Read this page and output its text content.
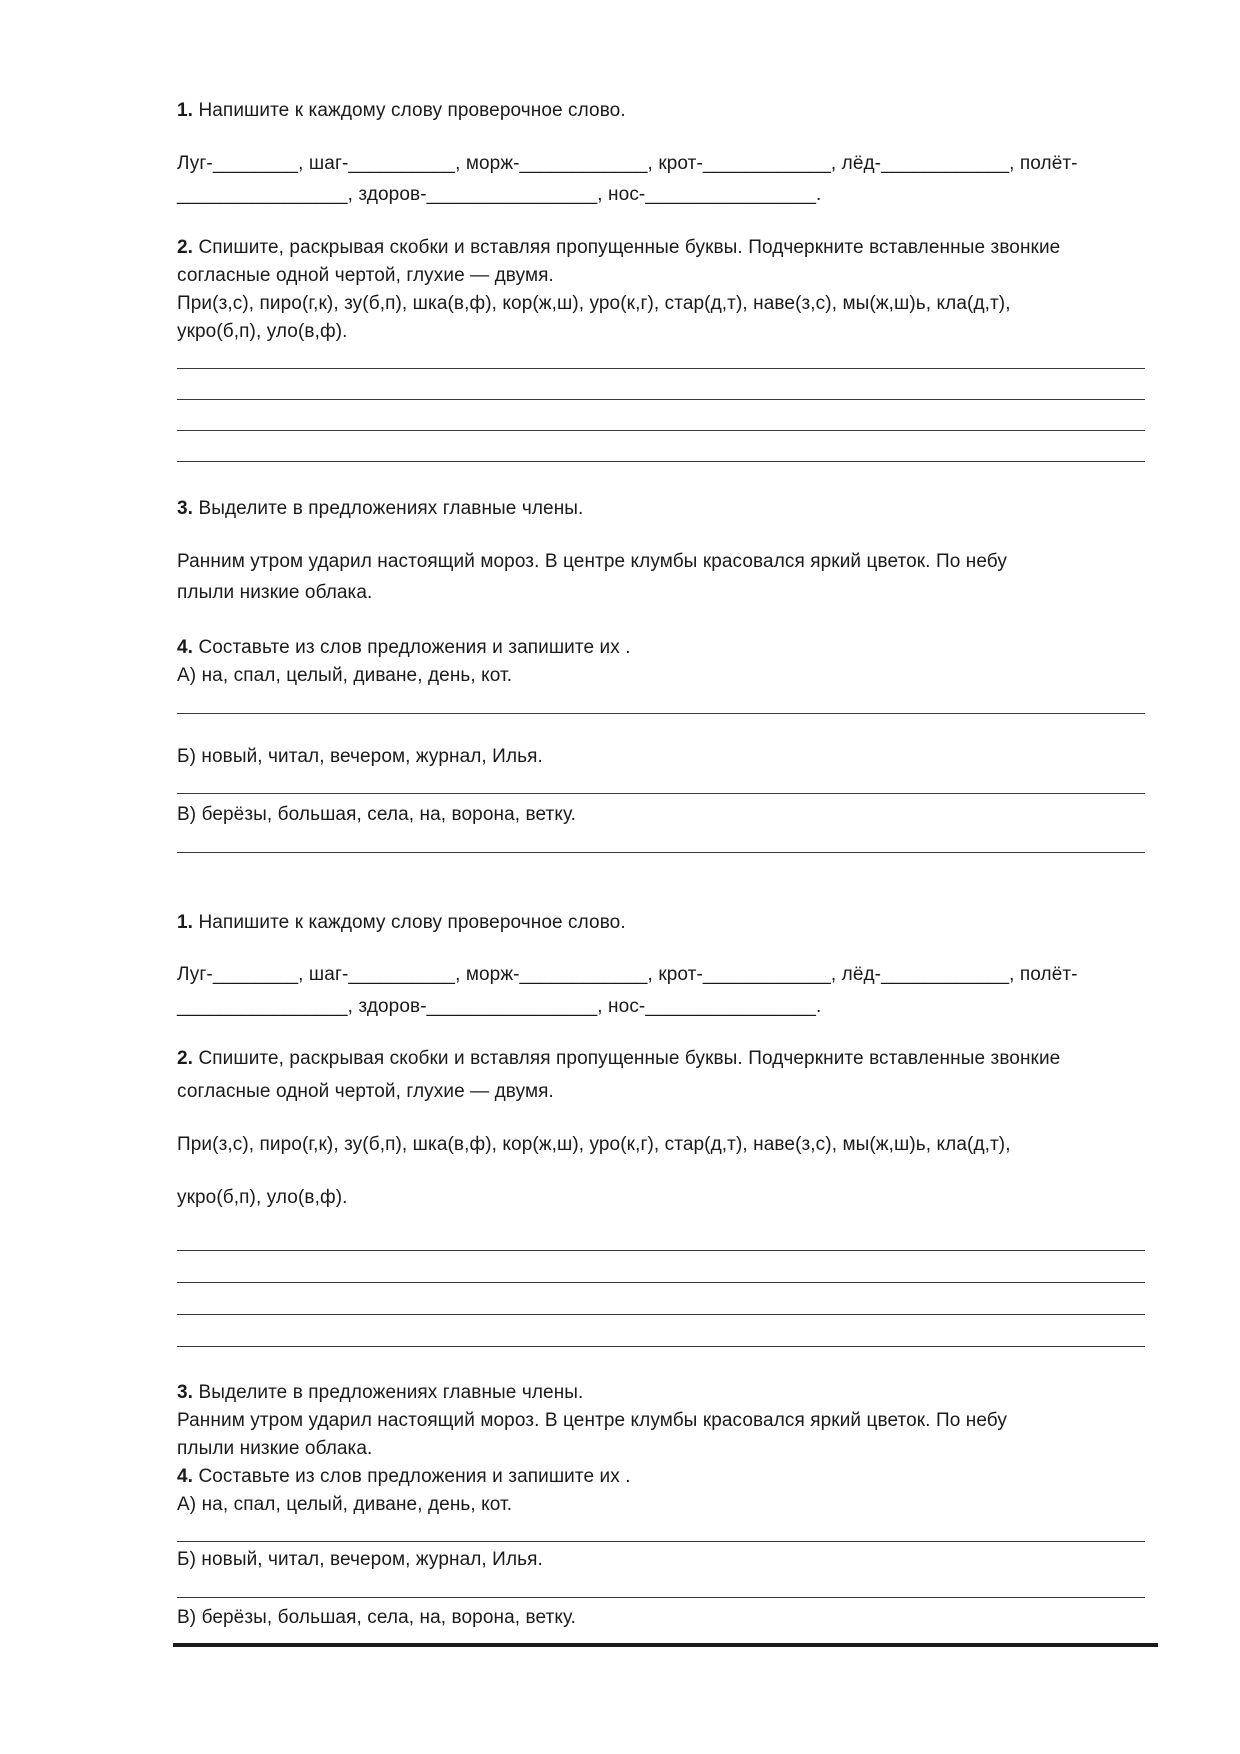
1. Напишите к каждому слову проверочное слово.
Луг-________, шаг-__________, морж-____________, крот-____________, лёд-____________, полёт-
________________, здоров-________________, нос-________________.
2. Спишите, раскрывая скобки и вставляя пропущенные буквы. Подчеркните вставленные звонкие
согласные одной чертой, глухие — двумя.
При(з,с), пиро(г,к), зу(б,п), шка(в,ф), кор(ж,ш), уро(к,г), стар(д,т), наве(з,с), мы(ж,ш)ь, кла(д,т),
укро(б,п), уло(в,ф).
3. Выделите в предложениях главные члены.
Ранним утром ударил настоящий мороз. В центре клумбы красовался яркий цветок. По небу
плыли низкие облака.
4. Составьте из слов предложения и запишите их .
А) на, спал, целый, диване, день, кот.
Б) новый, читал, вечером, журнал, Илья.
В) берёзы, большая, села, на, ворона, ветку.
1. Напишите к каждому слову проверочное слово.
Луг-________, шаг-__________, морж-____________, крот-____________, лёд-____________, полёт-
________________, здоров-________________, нос-________________.
2. Спишите, раскрывая скобки и вставляя пропущенные буквы. Подчеркните вставленные звонкие
согласные одной чертой, глухие — двумя.
При(з,с), пиро(г,к), зу(б,п), шка(в,ф), кор(ж,ш), уро(к,г), стар(д,т), наве(з,с), мы(ж,ш)ь, кла(д,т),
укро(б,п), уло(в,ф).
3. Выделите в предложениях главные члены.
Ранним утром ударил настоящий мороз. В центре клумбы красовался яркий цветок. По небу
плыли низкие облака.
4. Составьте из слов предложения и запишите их .
А) на, спал, целый, диване, день, кот.
Б) новый, читал, вечером, журнал, Илья.
В) берёзы, большая, села, на, ворона, ветку.
